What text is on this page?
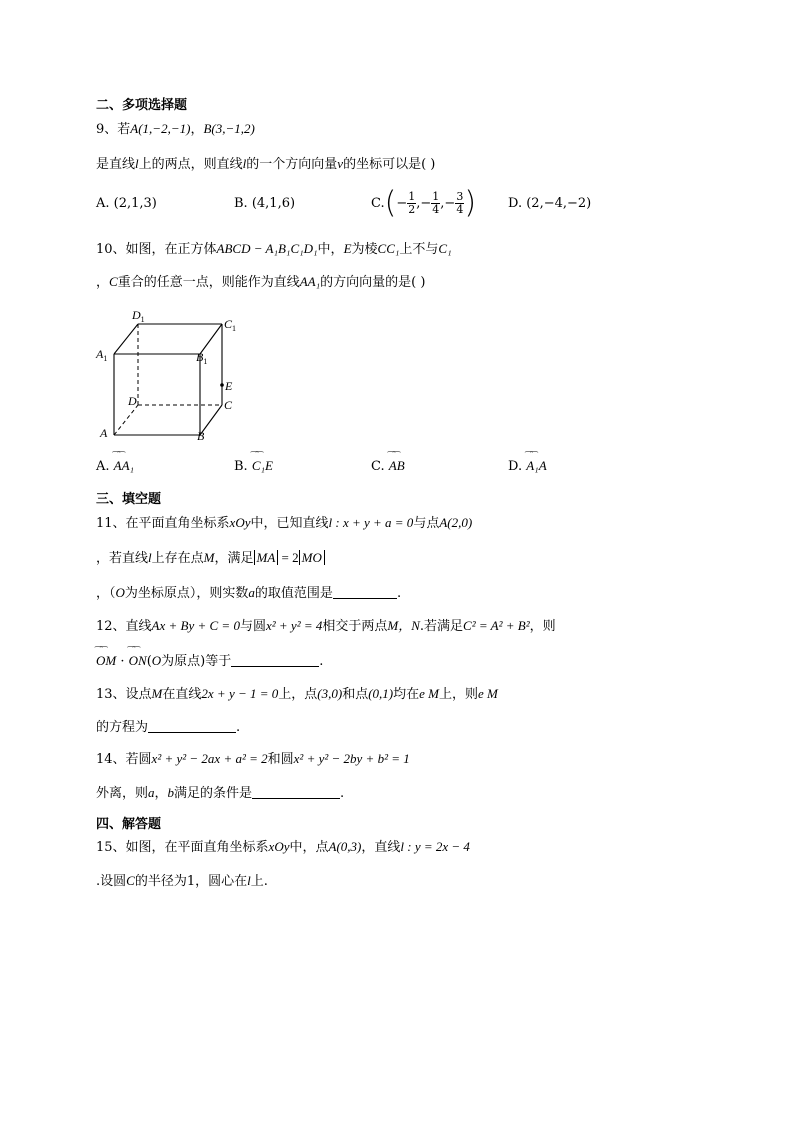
二、多项选择题
9、若A(1,−2,−1)，B(3,−1,2)
是直线l上的两点，则直线l的一个方向向量v的坐标可以是( )
A. (2,1,3)	B. (4,1,6)	$C.(- \frac{1}{2}$ ,− $\frac{1}{4}$ ,− $\frac{3}{4}$ ) D. (2,−4,−2)
10、如图，在正方体ABCD − A₁B₁C₁D₁中，E为棱CC₁上不与C₁
，C重合的任意一点，则能作为直线AA₁的方向向量的是( )
$D_1$	$C_1$
$A_1$	$B_1$
E
D	C
A	B
A. ⁀⁀ AA₁	B. ⁀⁀ C₁E	C. ⁀⁀ AB	D. ⁀⁀ A₁A
三、填空题
11、在平面直角坐标系xOy中，已知直线l : x + y + a = 0与点A(2,0)
，若直线l上存在点M，满足 MA = 2 MO
，（O为坐标原点），则实数a的取值范围是	.
12、直线Ax + By + C = 0与圆x² + y² = 4相交于两点M，N.若满足C² = A² + B²，则
⁀⁀ OM · ⁀⁀ ON(O为原点)等于	.
13、设点M在直线2x + y − 1 = 0上，点(3,0)和点(0,1)均在e M上，则e M
的方程为	.
14、若圆x² + y² − 2ax + a² = 2和圆x² + y² − 2by + b² = 1
外离，则a，b满足的条件是	.
四、解答题
15、如图，在平面直角坐标系xOy中，点A(0,3)，直线l : y = 2x − 4
.设圆C的半径为1，圆心在l上.
